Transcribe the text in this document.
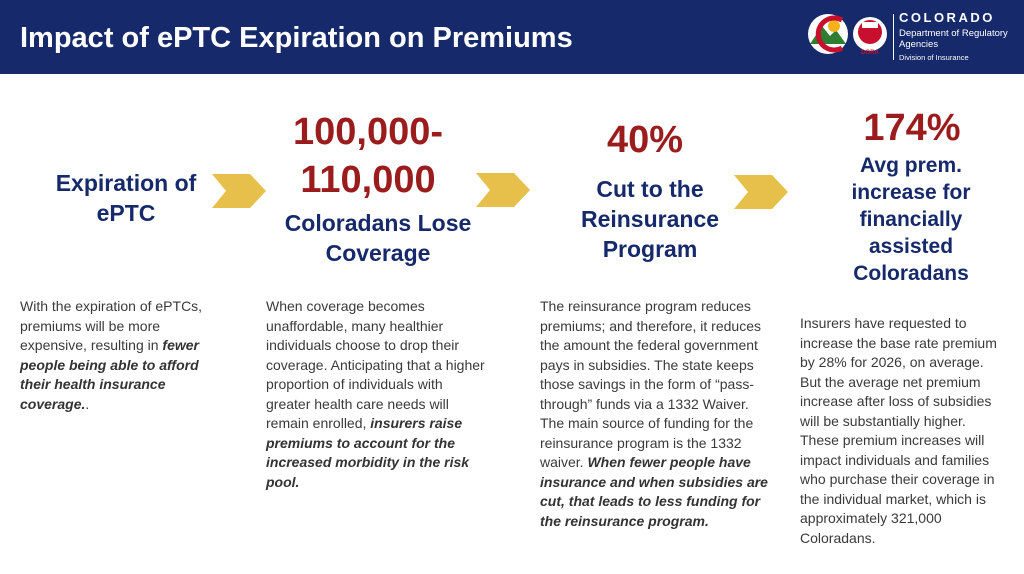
Impact of ePTC Expiration on Premiums	DORA
COLORADO
Department of Regulatory Agencies
Division of Insurance
Expiration of ePTC
With the expiration of ePTCs, premiums will be more expensive, resulting in fewer people being able to afford their health insurance coverage..
100,000-
110,000
Coloradans Lose Coverage
When coverage becomes unaffordable, many healthier individuals choose to drop their coverage. Anticipating that a higher proportion of individuals with greater health care needs will remain enrolled, insurers raise premiums to account for the increased morbidity in the risk pool.
40%
Cut to the Reinsurance Program
The reinsurance program reduces premiums; and therefore, it reduces the amount the federal government pays in subsidies. The state keeps those savings in the form of “pass-through” funds via a 1332 Waiver. The main source of funding for the reinsurance program is the 1332 waiver. When fewer people have insurance and when subsidies are cut, that leads to less funding for the reinsurance program.
174%
Avg prem. increase for financially assisted Coloradans
Insurers have requested to increase the base rate premium by 28% for 2026, on average. But the average net premium increase after loss of subsidies will be substantially higher. These premium increases will impact individuals and families who purchase their coverage in the individual market, which is approximately 321,000 Coloradans.
